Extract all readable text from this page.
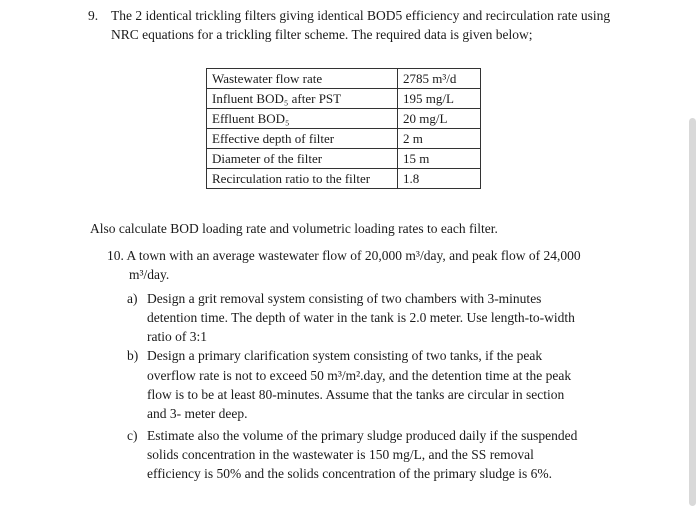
9. The 2 identical trickling filters giving identical BOD5 efficiency and recirculation rate using
NRC equations for a trickling filter scheme. The required data is given below;
Wastewater flow rate	2785 m³/d
Influent BOD₅ after PST	195 mg/L
Effluent BOD₅	20 mg/L
Effective depth of filter	2 m
Diameter of the filter	15 m
Recirculation ratio to the filter	1.8
Also calculate BOD loading rate and volumetric loading rates to each filter.
10. A town with an average wastewater flow of 20,000 m³/day, and peak flow of 24,000
m³/day.
a) Design a grit removal system consisting of two chambers with 3-minutes
detention time. The depth of water in the tank is 2.0 meter. Use length-to-width
ratio of 3:1
b) Design a primary clarification system consisting of two tanks, if the peak
overflow rate is not to exceed 50 m³/m².day, and the detention time at the peak
flow is to be at least 80-minutes. Assume that the tanks are circular in section
and 3- meter deep.
c) Estimate also the volume of the primary sludge produced daily if the suspended
solids concentration in the wastewater is 150 mg/L, and the SS removal
efficiency is 50% and the solids concentration of the primary sludge is 6%.
